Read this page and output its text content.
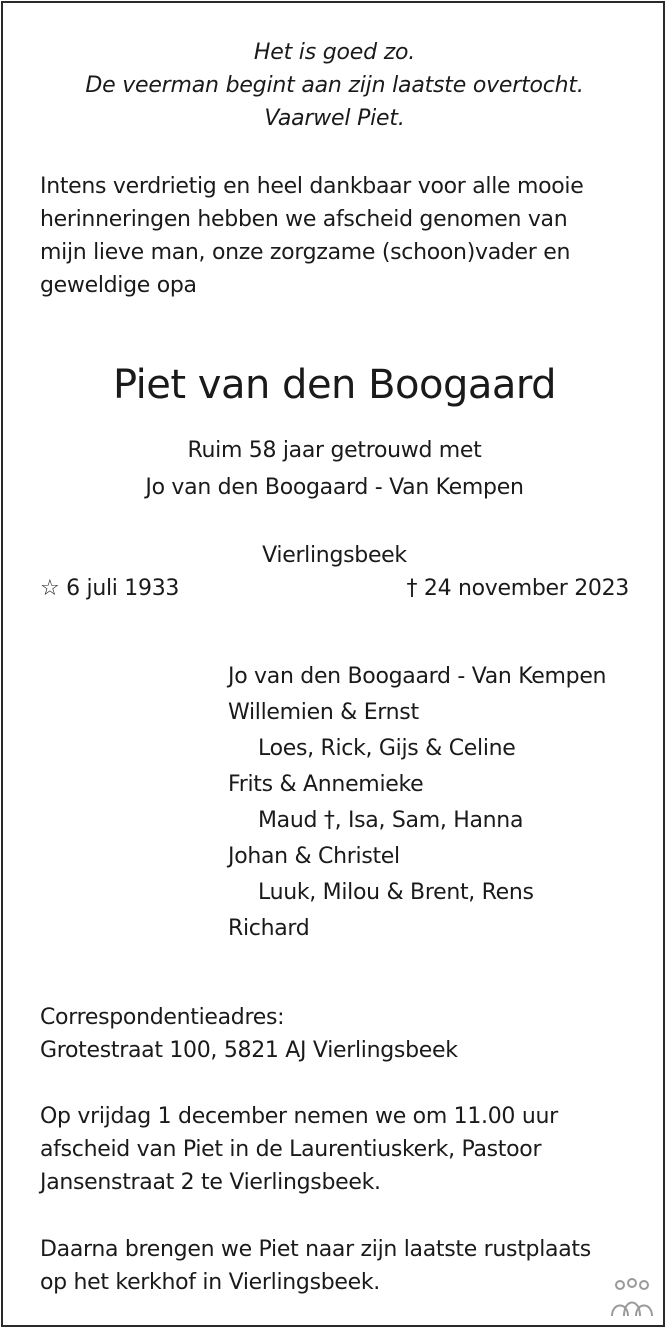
Het is goed zo.
De veerman begint aan zijn laatste overtocht.
Vaarwel Piet.
Intens verdrietig en heel dankbaar voor alle mooie
herinneringen hebben we afscheid genomen van
mijn lieve man, onze zorgzame (schoon)vader en
geweldige opa
Piet van den Boogaard
Ruim 58 jaar getrouwd met
Jo van den Boogaard - Van Kempen
Vierlingsbeek
☆ 6 juli 1933	† 24 november 2023
Jo van den Boogaard - Van Kempen
Willemien & Ernst
Loes, Rick, Gijs & Celine
Frits & Annemieke
Maud †, Isa, Sam, Hanna
Johan & Christel
Luuk, Milou & Brent, Rens
Richard
Correspondentieadres:
Grotestraat 100, 5821 AJ Vierlingsbeek
Op vrijdag 1 december nemen we om 11.00 uur
afscheid van Piet in de Laurentiuskerk, Pastoor
Jansenstraat 2 te Vierlingsbeek.
Daarna brengen we Piet naar zijn laatste rustplaats
op het kerkhof in Vierlingsbeek.
